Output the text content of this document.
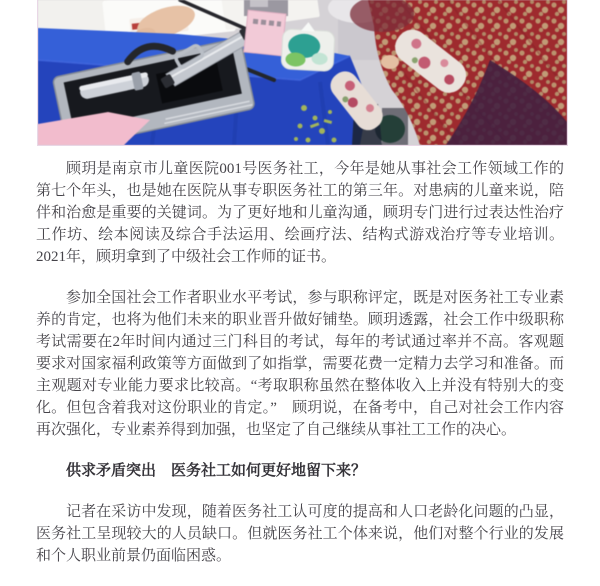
顾玥是南京市儿童医院001号医务社工，今年是她从事社会工作领域工作的第七个年头，也是她在医院从事专职医务社工的第三年。对患病的儿童来说，陪伴和治愈是重要的关键词。为了更好地和儿童沟通，顾玥专门进行过表达性治疗工作坊、绘本阅读及综合手法运用、绘画疗法、结构式游戏治疗等专业培训。2021年，顾玥拿到了中级社会工作师的证书。

参加全国社会工作者职业水平考试，参与职称评定，既是对医务社工专业素养的肯定，也将为他们未来的职业晋升做好铺垫。顾玥透露，社会工作中级职称考试需要在2年时间内通过三门科目的考试，每年的考试通过率并不高。客观题要求对国家福利政策等方面做到了如指掌，需要花费一定精力去学习和准备。而主观题对专业能力要求比较高。“考取职称虽然在整体收入上并没有特别大的变化。但包含着我对这份职业的肯定。”　顾玥说，在备考中，自己对社会工作内容再次强化，专业素养得到加强，也坚定了自己继续从事社工工作的决心。

供求矛盾突出　医务社工如何更好地留下来？

记者在采访中发现，随着医务社工认可度的提高和人口老龄化问题的凸显，医务社工呈现较大的人员缺口。但就医务社工个体来说，他们对整个行业的发展和个人职业前景仍面临困惑。
